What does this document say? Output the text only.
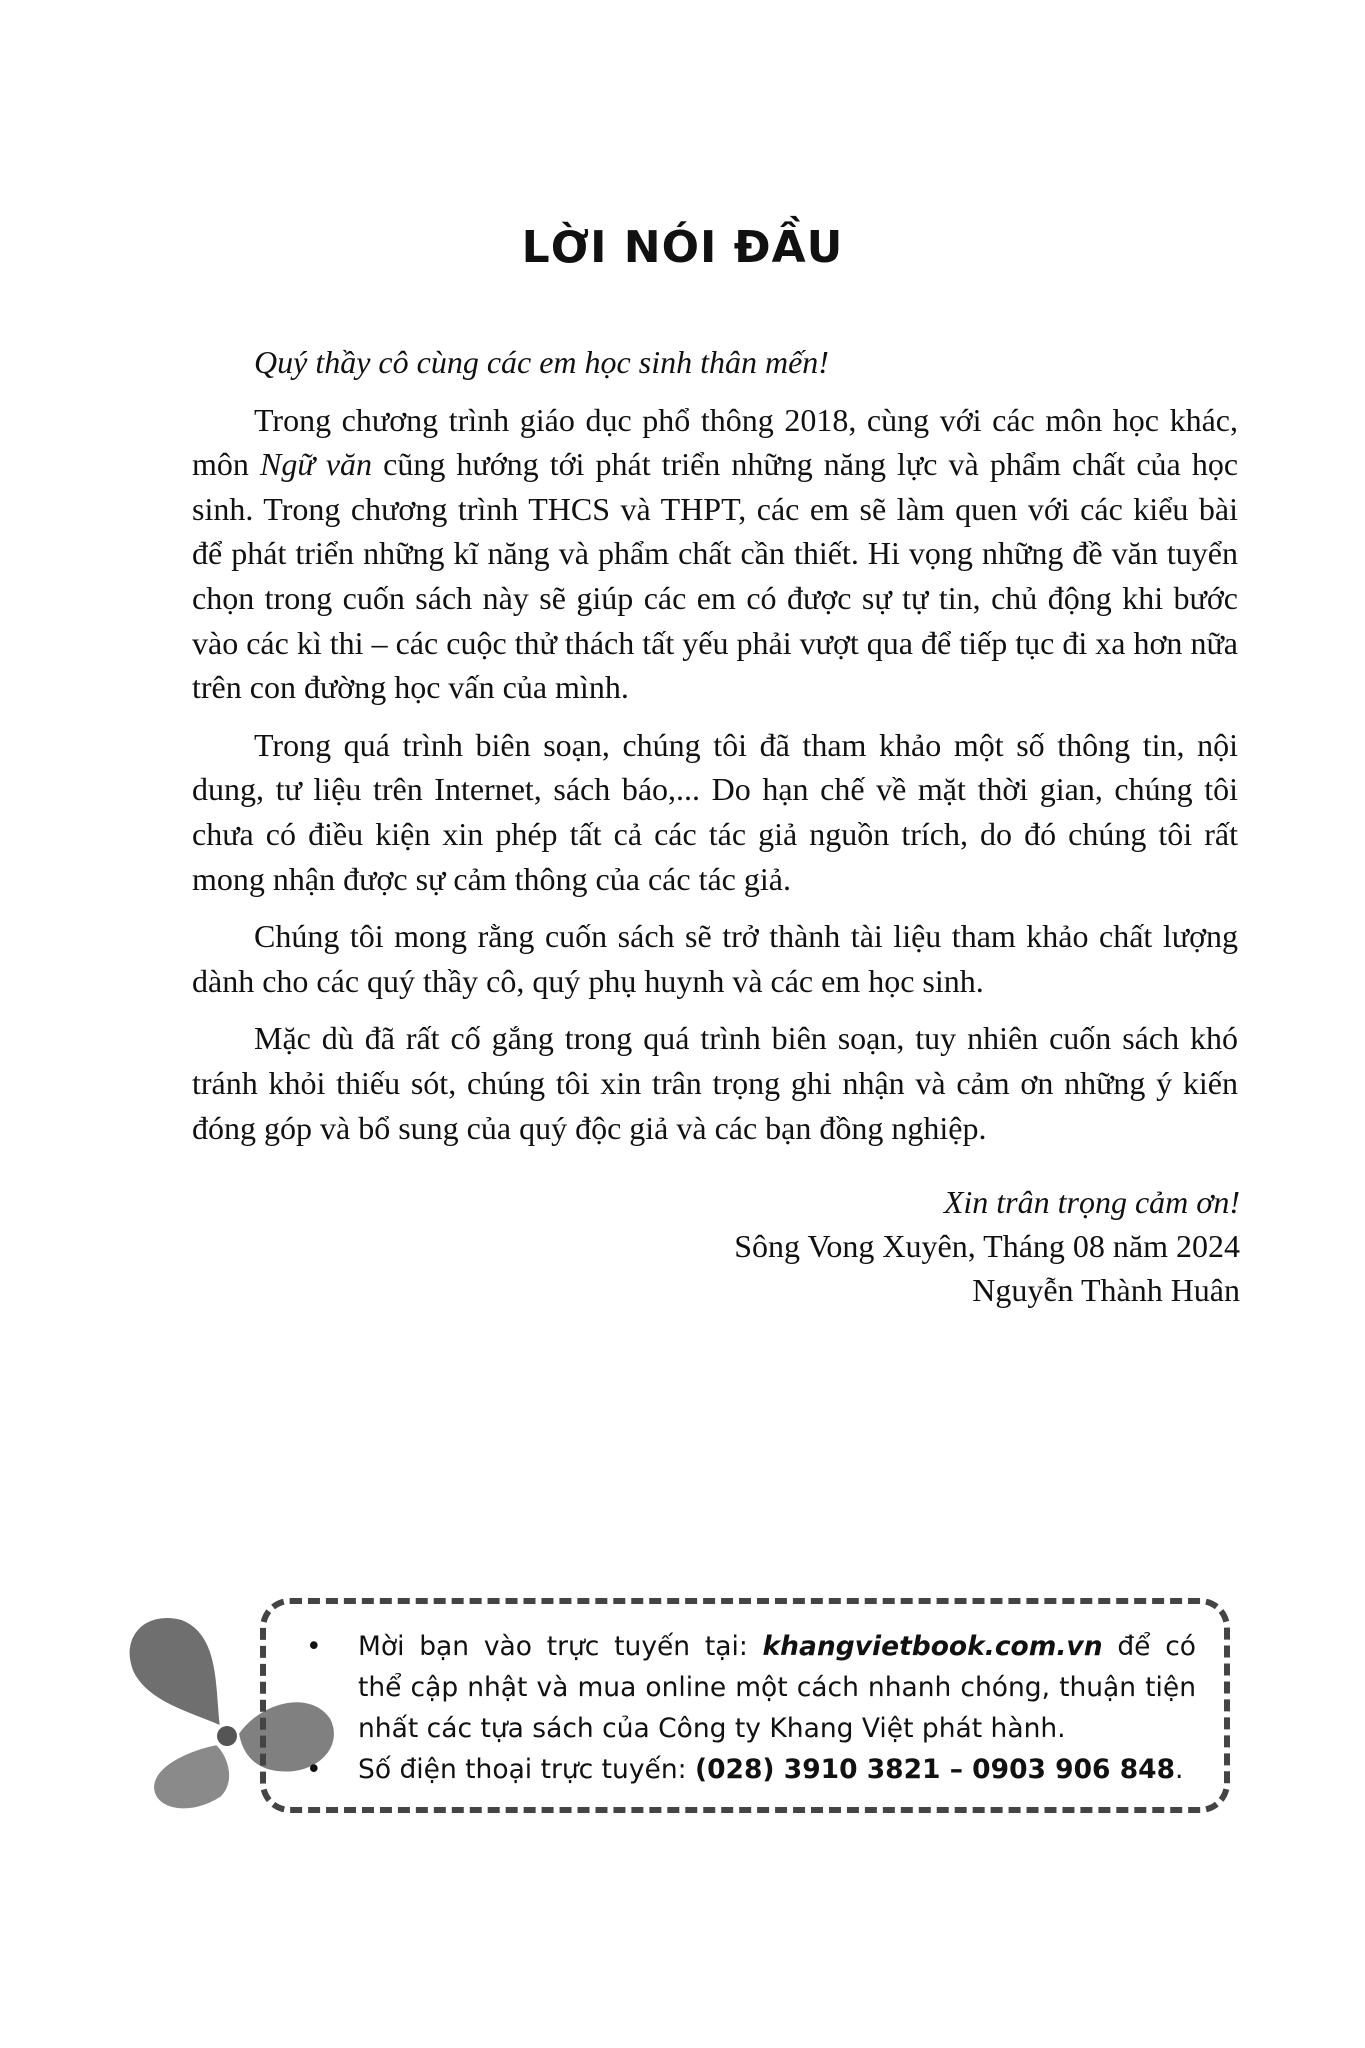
LỜI NÓI ĐẦU

Quý thầy cô cùng các em học sinh thân mến!

Trong chương trình giáo dục phổ thông 2018, cùng với các môn học khác, môn Ngữ văn cũng hướng tới phát triển những năng lực và phẩm chất của học sinh. Trong chương trình THCS và THPT, các em sẽ làm quen với các kiểu bài để phát triển những kĩ năng và phẩm chất cần thiết. Hi vọng những đề văn tuyển chọn trong cuốn sách này sẽ giúp các em có được sự tự tin, chủ động khi bước vào các kì thi – các cuộc thử thách tất yếu phải vượt qua để tiếp tục đi xa hơn nữa trên con đường học vấn của mình.

Trong quá trình biên soạn, chúng tôi đã tham khảo một số thông tin, nội dung, tư liệu trên Internet, sách báo,... Do hạn chế về mặt thời gian, chúng tôi chưa có điều kiện xin phép tất cả các tác giả nguồn trích, do đó chúng tôi rất mong nhận được sự cảm thông của các tác giả.

Chúng tôi mong rằng cuốn sách sẽ trở thành tài liệu tham khảo chất lượng dành cho các quý thầy cô, quý phụ huynh và các em học sinh.

Mặc dù đã rất cố gắng trong quá trình biên soạn, tuy nhiên cuốn sách khó tránh khỏi thiếu sót, chúng tôi xin trân trọng ghi nhận và cảm ơn những ý kiến đóng góp và bổ sung của quý độc giả và các bạn đồng nghiệp.

Xin trân trọng cảm ơn!
Sông Vong Xuyên, Tháng 08 năm 2024
Nguyễn Thành Huân
• Mời bạn vào trực tuyến tại: khangvietbook.com.vn để có thể cập nhật và mua online một cách nhanh chóng, thuận tiện nhất các tựa sách của Công ty Khang Việt phát hành.
• Số điện thoại trực tuyến: (028) 3910 3821 – 0903 906 848.
